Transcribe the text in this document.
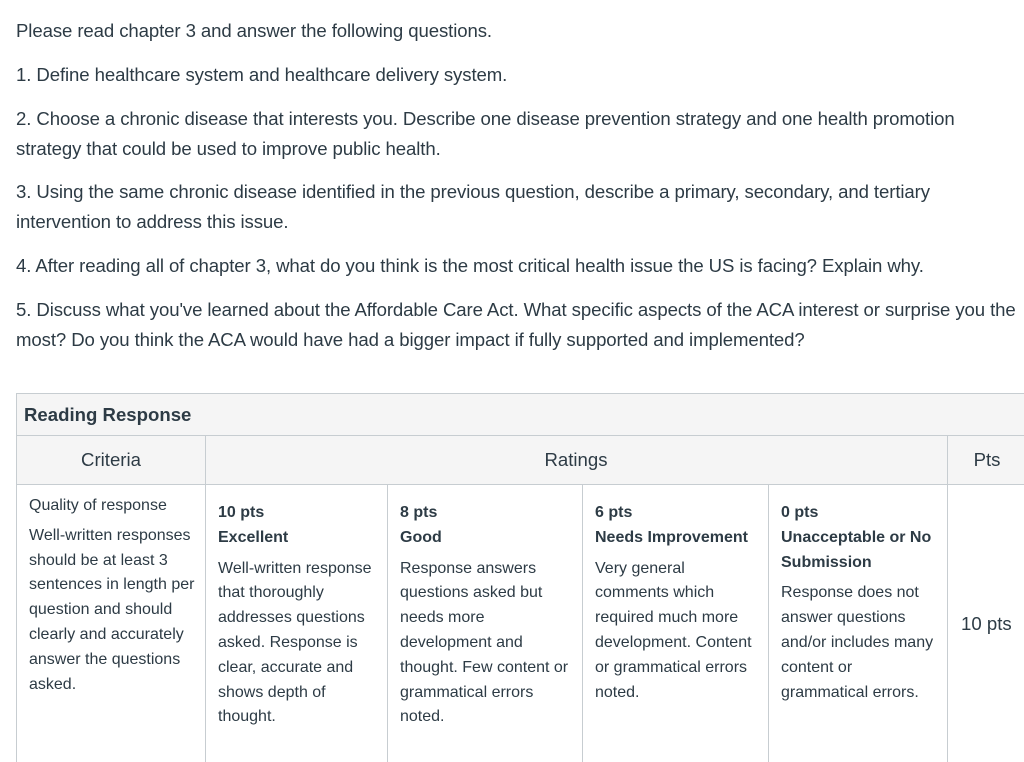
Please read chapter 3 and answer the following questions.

1. Define healthcare system and healthcare delivery system.

2. Choose a chronic disease that interests you. Describe one disease prevention strategy and one health promotion strategy that could be used to improve public health.

3. Using the same chronic disease identified in the previous question, describe a primary, secondary, and tertiary intervention to address this issue.

4. After reading all of chapter 3, what do you think is the most critical health issue the US is facing? Explain why.

5. Discuss what you've learned about the Affordable Care Act. What specific aspects of the ACA interest or surprise you the most? Do you think the ACA would have had a bigger impact if fully supported and implemented?

Reading Response
Criteria	Ratings	Pts
Quality of response
Well-written responses should be at least 3 sentences in length per question and should clearly and accurately answer the questions asked.
10 pts
Excellent
Well-written response that thoroughly addresses questions asked. Response is clear, accurate and shows depth of thought.
8 pts
Good
Response answers questions asked but needs more development and thought. Few content or grammatical errors noted.
6 pts
Needs Improvement
Very general comments which required much more development. Content or grammatical errors noted.
0 pts
Unacceptable or No Submission
Response does not answer questions and/or includes many content or grammatical errors.
10 pts
